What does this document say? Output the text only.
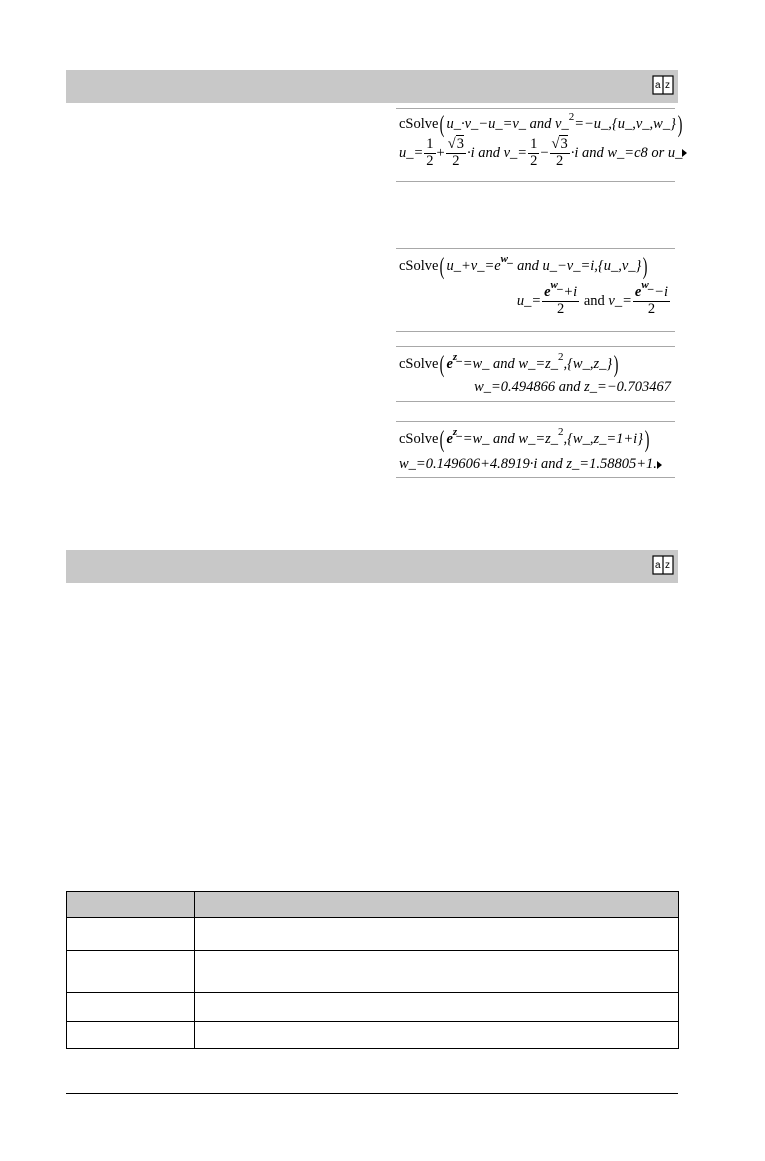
a z
cSolve( u_·v_−u_=v_ and v_$^2$=−u_,{u_,v_,w_})
u_= $\frac{1}{2} + \frac{√3}{2} \cdot i$ and v_= $\frac{1}{2} - \frac{√3}{2} \cdot i$ and w_=c8 or u_
cSolve( $u\_+v\_=e^{w\_}$ and u_−v_=i,{u_,v_})
u_= $\frac{e^{w\_}+i}{2}$ and v_= $\frac{e^{w\_}-i}{2}$
cSolve( $e^{z\_}=w\_$ and w_=z_$^2$,{w_,z_})
w_=0.494866 and z_=−0.703467
cSolve( $e^{z\_}=w\_$ and w_=z_$^2$,{w_,z_=1+i})
w_=0.149606+4.8919·i and z_=1.58805+1.
a z
